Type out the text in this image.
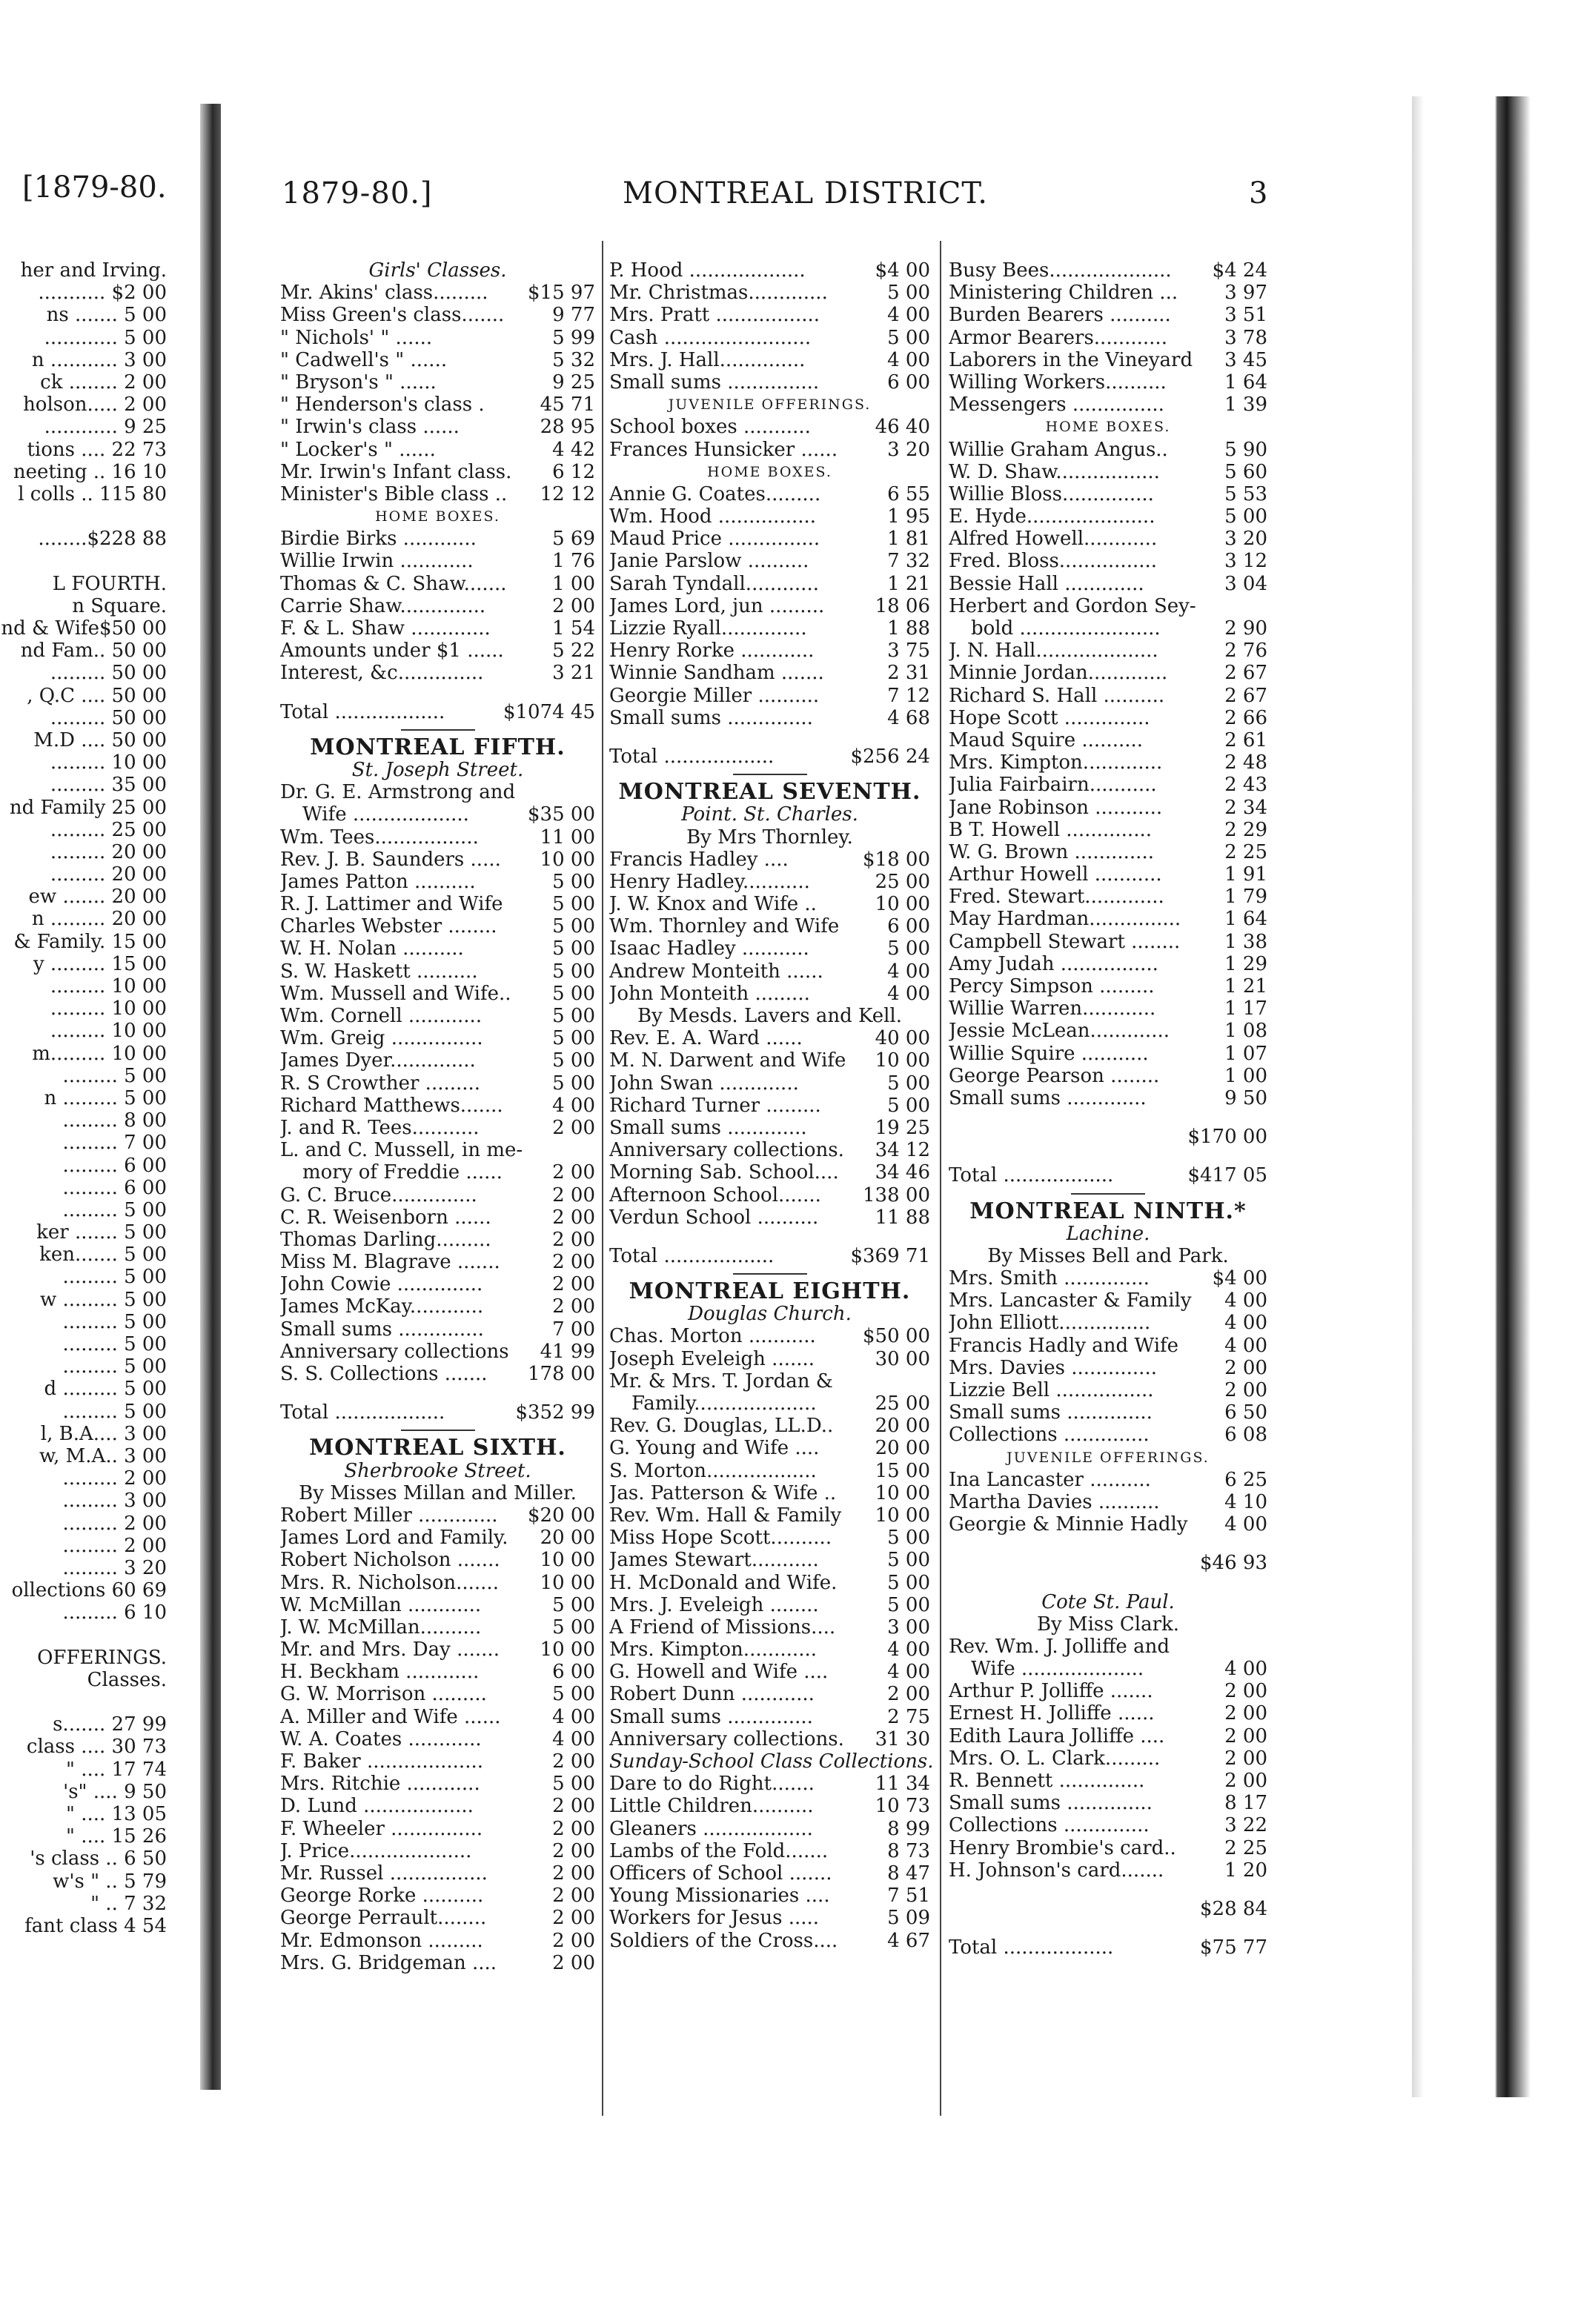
[1879-80.
her and Irving.
........... $2 00
ns ....... 5 00
............ 5 00
n ........... 3 00
ck ........ 2 00
holson..... 2 00
............ 9 25
tions .... 22 73
neeting .. 16 10
l colls .. 115 80
........$228 88
L FOURTH.
n Square.
nd & Wife$50 00
nd Fam.. 50 00
......... 50 00
, Q.C .... 50 00
......... 50 00
M.D .... 50 00
......... 10 00
......... 35 00
nd Family 25 00
......... 25 00
......... 20 00
......... 20 00
ew ....... 20 00
n ......... 20 00
& Family. 15 00
y ......... 15 00
......... 10 00
......... 10 00
......... 10 00
m......... 10 00
......... 5 00
n ......... 5 00
......... 8 00
......... 7 00
......... 6 00
......... 6 00
......... 5 00
ker ....... 5 00
ken....... 5 00
......... 5 00
w ......... 5 00
......... 5 00
......... 5 00
......... 5 00
d ......... 5 00
......... 5 00
l, B.A.... 3 00
w, M.A.. 3 00
......... 2 00
......... 3 00
......... 2 00
......... 2 00
......... 3 20
ollections 60 69
......... 6 10
OFFERINGS.
Classes.
s....... 27 99
class .... 30 73
" .... 17 74
's" .... 9 50
" .... 13 05
" .... 15 26
's class .. 6 50
w's " .. 5 79
" .. 7 32
fant class 4 54
1879-80.]	MONTREAL DISTRICT.	3
Girls' Classes.
Mr. Akins' class.........	$15 97
Miss Green's class.......	9 77
" Nichols' " ......	5 99
" Cadwell's " ......	5 32
" Bryson's " ......	9 25
" Henderson's class .	45 71
" Irwin's class ......	28 95
" Locker's " ......	4 42
Mr. Irwin's Infant class.	6 12
Minister's Bible class ..	12 12
HOME BOXES.
Birdie Birks ............	5 69
Willie Irwin ............	1 76
Thomas & C. Shaw.......	1 00
Carrie Shaw..............	2 00
F. & L. Shaw .............	1 54
Amounts under $1 ......	5 22
Interest, &c..............	3 21
Total ..................	$1074 45
MONTREAL FIFTH.
St. Joseph Street.
Dr. G. E. Armstrong and
Wife ...................	$35 00
Wm. Tees.................	11 00
Rev. J. B. Saunders .....	10 00
James Patton ..........	5 00
R. J. Lattimer and Wife	5 00
Charles Webster ........	5 00
W. H. Nolan ..........	5 00
S. W. Haskett ..........	5 00
Wm. Mussell and Wife..	5 00
Wm. Cornell ............	5 00
Wm. Greig ...............	5 00
James Dyer..............	5 00
R. S Crowther .........	5 00
Richard Matthews.......	4 00
J. and R. Tees...........	2 00
L. and C. Mussell, in me-
mory of Freddie ......	2 00
G. C. Bruce..............	2 00
C. R. Weisenborn ......	2 00
Thomas Darling.........	2 00
Miss M. Blagrave .......	2 00
John Cowie ..............	2 00
James McKay............	2 00
Small sums ..............	7 00
Anniversary collections	41 99
S. S. Collections .......	178 00
Total ..................	$352 99
MONTREAL SIXTH.
Sherbrooke Street.
By Misses Millan and Miller.
Robert Miller .............	$20 00
James Lord and Family.	20 00
Robert Nicholson .......	10 00
Mrs. R. Nicholson.......	10 00
W. McMillan ............	5 00
J. W. McMillan..........	5 00
Mr. and Mrs. Day .......	10 00
H. Beckham ............	6 00
G. W. Morrison .........	5 00
A. Miller and Wife ......	4 00
W. A. Coates ............	4 00
F. Baker ...................	2 00
Mrs. Ritchie ............	5 00
D. Lund ..................	2 00
F. Wheeler ...............	2 00
J. Price....................	2 00
Mr. Russel ................	2 00
George Rorke ..........	2 00
George Perrault........	2 00
Mr. Edmonson .........	2 00
Mrs. G. Bridgeman ....	2 00
P. Hood ...................	$4 00
Mr. Christmas.............	5 00
Mrs. Pratt .................	4 00
Cash ........................	5 00
Mrs. J. Hall..............	4 00
Small sums ...............	6 00
JUVENILE OFFERINGS.
School boxes ...........	46 40
Frances Hunsicker ......	3 20
HOME BOXES.
Annie G. Coates.........	6 55
Wm. Hood ................	1 95
Maud Price ...............	1 81
Janie Parslow ..........	7 32
Sarah Tyndall............	1 21
James Lord, jun .........	18 06
Lizzie Ryall..............	1 88
Henry Rorke ............	3 75
Winnie Sandham .......	2 31
Georgie Miller ..........	7 12
Small sums ..............	4 68
Total ..................	$256 24
MONTREAL SEVENTH.
Point. St. Charles.
By Mrs Thornley.
Francis Hadley ....	$18 00
Henry Hadley...........	25 00
J. W. Knox and Wife ..	10 00
Wm. Thornley and Wife	6 00
Isaac Hadley ...........	5 00
Andrew Monteith ......	4 00
John Monteith .........	4 00
By Mesds. Lavers and Kell.
Rev. E. A. Ward ......	40 00
M. N. Darwent and Wife	10 00
John Swan .............	5 00
Richard Turner .........	5 00
Small sums .............	19 25
Anniversary collections.	34 12
Morning Sab. School....	34 46
Afternoon School.......	138 00
Verdun School ..........	11 88
Total ..................	$369 71
MONTREAL EIGHTH.
Douglas Church.
Chas. Morton ...........	$50 00
Joseph Eveleigh .......	30 00
Mr. & Mrs. T. Jordan &
Family....................	25 00
Rev. G. Douglas, LL.D..	20 00
G. Young and Wife ....	20 00
S. Morton..................	15 00
Jas. Patterson & Wife ..	10 00
Rev. Wm. Hall & Family	10 00
Miss Hope Scott..........	5 00
James Stewart...........	5 00
H. McDonald and Wife.	5 00
Mrs. J. Eveleigh ........	5 00
A Friend of Missions....	3 00
Mrs. Kimpton............	4 00
G. Howell and Wife ....	4 00
Robert Dunn ............	2 00
Small sums ..............	2 75
Anniversary collections.	31 30
Sunday-School Class Collections.
Dare to do Right.......	11 34
Little Children..........	10 73
Gleaners ..................	8 99
Lambs of the Fold.......	8 73
Officers of School .......	8 47
Young Missionaries ....	7 51
Workers for Jesus .....	5 09
Soldiers of the Cross....	4 67
Busy Bees....................	$4 24
Ministering Children ...	3 97
Burden Bearers ..........	3 51
Armor Bearers............	3 78
Laborers in the Vineyard	3 45
Willing Workers..........	1 64
Messengers ...............	1 39
HOME BOXES.
Willie Graham Angus..	5 90
W. D. Shaw.................	5 60
Willie Bloss...............	5 53
E. Hyde.....................	5 00
Alfred Howell............	3 20
Fred. Bloss................	3 12
Bessie Hall .............	3 04
Herbert and Gordon Sey-
bold .......................	2 90
J. N. Hall....................	2 76
Minnie Jordan.............	2 67
Richard S. Hall ..........	2 67
Hope Scott ..............	2 66
Maud Squire ..........	2 61
Mrs. Kimpton.............	2 48
Julia Fairbairn...........	2 43
Jane Robinson ...........	2 34
B T. Howell ..............	2 29
W. G. Brown .............	2 25
Arthur Howell ...........	1 91
Fred. Stewart.............	1 79
May Hardman...............	1 64
Campbell Stewart ........	1 38
Amy Judah ................	1 29
Percy Simpson .........	1 21
Willie Warren............	1 17
Jessie McLean.............	1 08
Willie Squire ...........	1 07
George Pearson ........	1 00
Small sums .............	9 50
$170 00
Total ..................	$417 05
MONTREAL NINTH.*
Lachine.
By Misses Bell and Park.
Mrs. Smith ..............	$4 00
Mrs. Lancaster & Family	4 00
John Elliott...............	4 00
Francis Hadly and Wife	4 00
Mrs. Davies ..............	2 00
Lizzie Bell ................	2 00
Small sums ..............	6 50
Collections ..............	6 08
JUVENILE OFFERINGS.
Ina Lancaster ..........	6 25
Martha Davies ..........	4 10
Georgie & Minnie Hadly	4 00
$46 93
Cote St. Paul.
By Miss Clark.
Rev. Wm. J. Jolliffe and
Wife ....................	4 00
Arthur P. Jolliffe .......	2 00
Ernest H. Jolliffe ......	2 00
Edith Laura Jolliffe ....	2 00
Mrs. O. L. Clark.........	2 00
R. Bennett ..............	2 00
Small sums ..............	8 17
Collections ..............	3 22
Henry Brombie's card..	2 25
H. Johnson's card.......	1 20
$28 84
Total ..................	$75 77
